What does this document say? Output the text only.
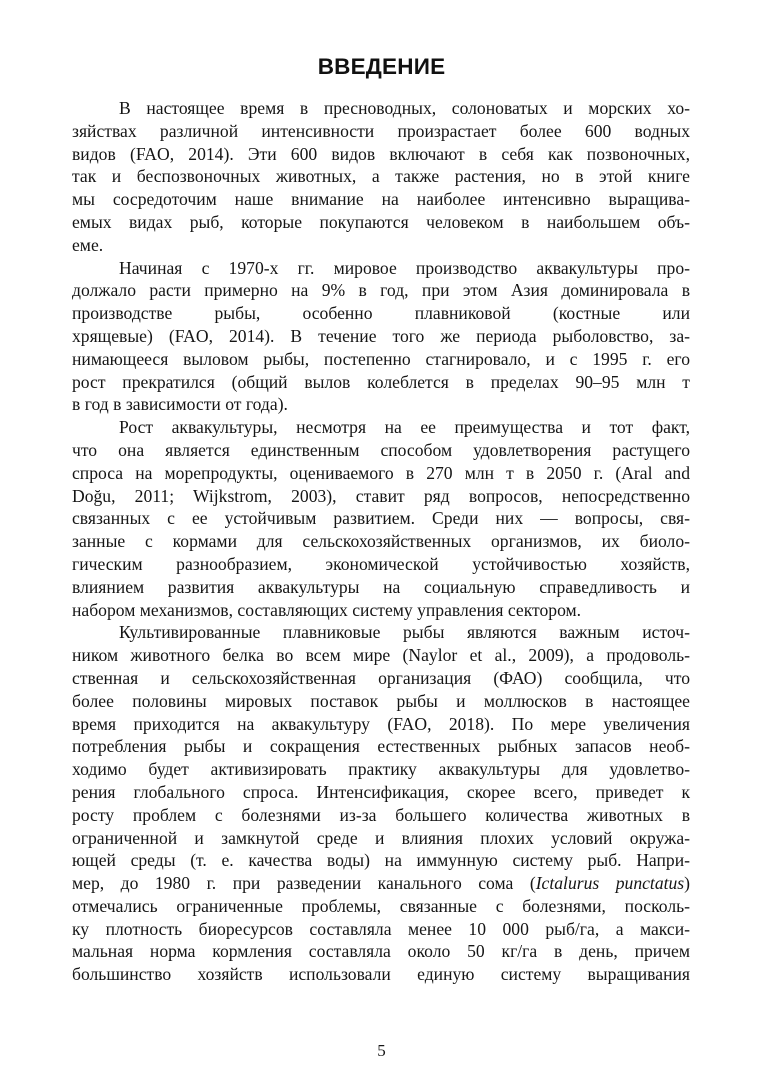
ВВЕДЕНИЕ
В настоящее время в пресноводных, солоноватых и морских хо-
зяйствах различной интенсивности произрастает более 600 водных
видов (FAO, 2014). Эти 600 видов включают в себя как позвоночных,
так и беспозвоночных животных, а также растения, но в этой книге
мы сосредоточим наше внимание на наиболее интенсивно выращива-
емых видах рыб, которые покупаются человеком в наибольшем объ-
еме.
Начиная с 1970-х гг. мировое производство аквакультуры про-
должало расти примерно на 9% в год, при этом Азия доминировала в
производстве рыбы, особенно плавниковой (костные или
хрящевые) (FAO, 2014). В течение того же периода рыболовство, за-
нимающееся выловом рыбы, постепенно стагнировало, и с 1995 г. его
рост прекратился (общий вылов колеблется в пределах 90–95 млн т
в год в зависимости от года).
Рост аквакультуры, несмотря на ее преимущества и тот факт,
что она является единственным способом удовлетворения растущего
спроса на морепродукты, оцениваемого в 270 млн т в 2050 г. (Aral and
Doğu, 2011; Wijkstrom, 2003), ставит ряд вопросов, непосредственно
связанных с ее устойчивым развитием. Среди них — вопросы, свя-
занные с кормами для сельскохозяйственных организмов, их биоло-
гическим разнообразием, экономической устойчивостью хозяйств,
влиянием развития аквакультуры на социальную справедливость и
набором механизмов, составляющих систему управления сектором.
Культивированные плавниковые рыбы являются важным источ-
ником животного белка во всем мире (Naylor et al., 2009), а продоволь-
ственная и сельскохозяйственная организация (ФАО) сообщила, что
более половины мировых поставок рыбы и моллюсков в настоящее
время приходится на аквакультуру (FAO, 2018). По мере увеличения
потребления рыбы и сокращения естественных рыбных запасов необ-
ходимо будет активизировать практику аквакультуры для удовлетво-
рения глобального спроса. Интенсификация, скорее всего, приведет к
росту проблем с болезнями из-за большего количества животных в
ограниченной и замкнутой среде и влияния плохих условий окружа-
ющей среды (т. е. качества воды) на иммунную систему рыб. Напри-
мер, до 1980 г. при разведении канального сома (Ictalurus punctatus)
отмечались ограниченные проблемы, связанные с болезнями, посколь-
ку плотность биоресурсов составляла менее 10 000 рыб/га, а макси-
мальная норма кормления составляла около 50 кг/га в день, причем
большинство хозяйств использовали единую систему выращивания
5
